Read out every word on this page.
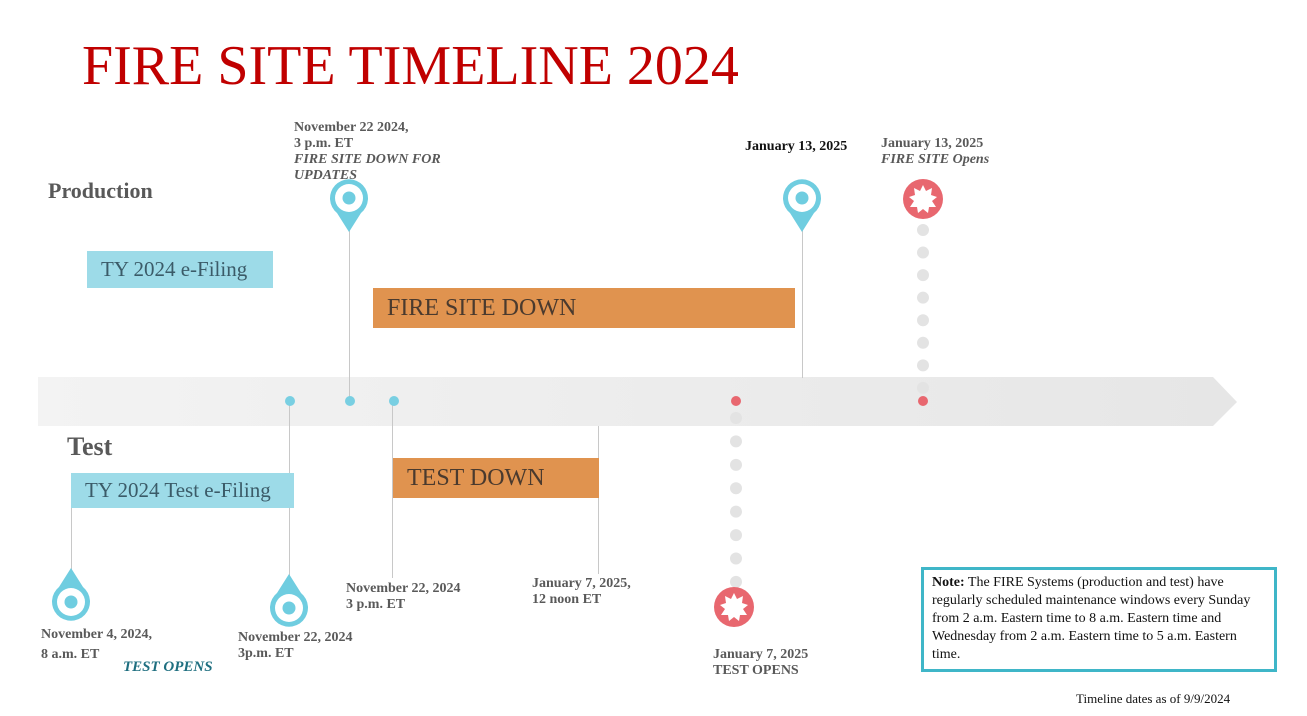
FIRE SITE TIMELINE 2024
Production
Test
TY 2024 e-Filing
FIRE SITE DOWN
TY 2024 Test e-Filing	TEST DOWN
November 22 2024,
3 p.m. ET
FIRE SITE DOWN FOR
UPDATES
January 13, 2025 January 13, 2025
FIRE SITE Opens
November 4, 2024,
8 a.m. ET
TEST OPENS
November 22, 2024
3p.m. ET
November 22, 2024
3 p.m. ET
January 7, 2025,
12 noon ET
January 7, 2025
TEST OPENS
Note: The FIRE Systems (production and test) have regularly scheduled maintenance windows every Sunday from 2 a.m. Eastern time to 8 a.m. Eastern time and Wednesday from 2 a.m. Eastern time to 5 a.m. Eastern time.
Timeline dates as of 9/9/2024
